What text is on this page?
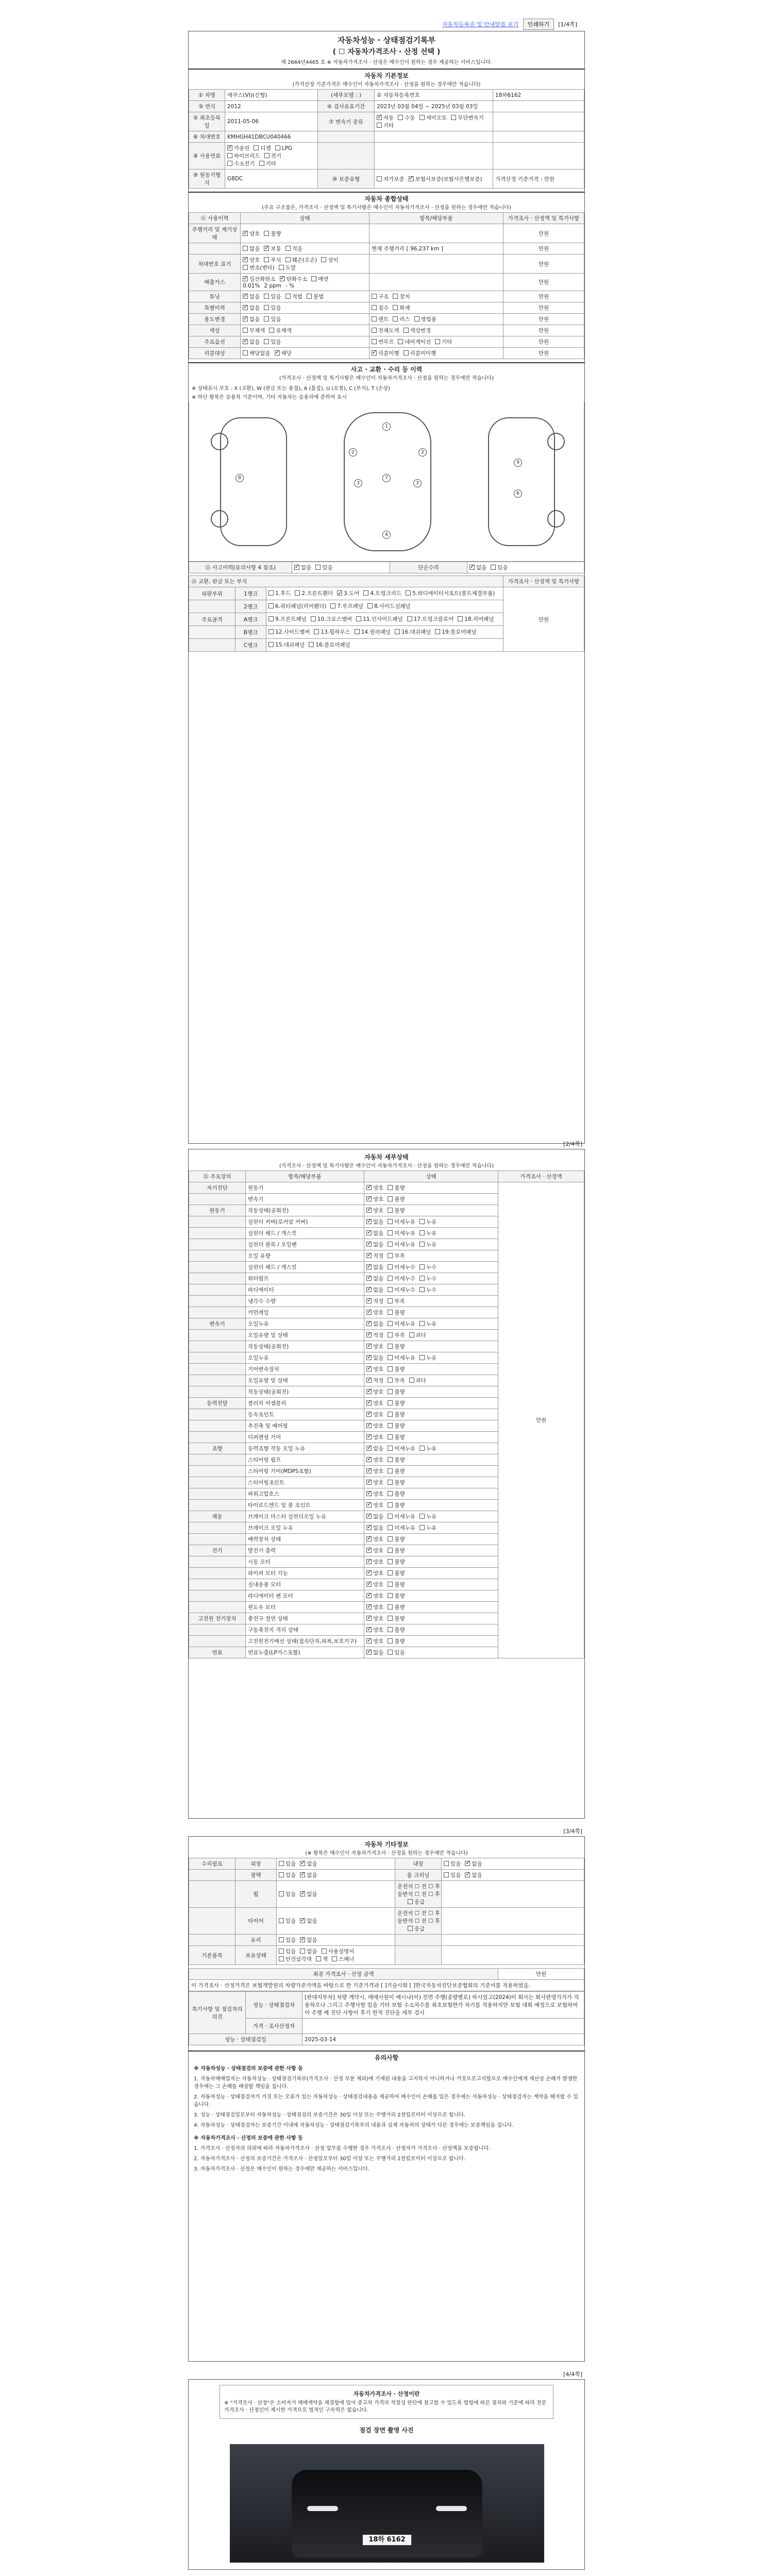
자동차등록증 및 안내말씀 보기	인쇄하기	[1/4쪽]
자동차성능 · 상태점검기록부
( ☐ 자동차가격조사 · 산정 선택 )
제 2664년4465 호 ※ 자동차가격조사 · 산정은 매수인이 원하는 경우 제공하는 서비스입니다.
자동차 기본정보
(가격산정 기준가격은 매수인이 자동차가격조사 · 산정을 원하는 경우에만 적습니다)
① 차명	에쿠스(VI)(신형)	(세부모델 : )	② 자동차등록번호	18하6162
③ 연식	2012	④ 검사유효기간	2023년 03월 04일 ~ 2025년 03월 03일	
⑤ 최초등록일	2011-05-06	⑦ 변속기 종류	✓자동 수동 세미오토 무단변속기기타	
⑥ 차대번호	KMHGH41DBCU040466			
⑧ 사용연료	✓가솔린 디젤 LPG하이브리드 전기수소전기 기타			
⑨ 원동기형식	G8DC	⑩ 보증유형	자가보증 ✓ 보험사보증(보험사은행보증)	가격산정 기준가격 : 만원
자동차 종합상태
(주요 구조물은, 가격조사 · 산정액 및 특기사항은 매수인이 자동차가격조사 · 산정을 원하는 경우에만 적습니다)
⑪ 사용이력	상태	항목/해당부품	가격조사 · 산정액 및 특기사항
주행거리 및 계기상태	✓양호 불량		만원
	많음 ✓ 보통 적음	현재 주행거리 [ 96,237 km ]	만원
차대번호 표기	✓양호 부식 훼손(오손) 상이변조(변타) 도말		만원
배출가스	✓일산화탄소 ✓ 탄화수소 매연0.01% 2 ppm - %		만원
튜닝	✓없음 있음 적법 불법	구조 장치	만원
특별이력	✓없음 있음	침수 화재	만원
용도변경	✓없음 있음	렌트 리스 영업용	만원
색상	무채색 유채색	전체도색 색상변경	만원
주요옵션	✓없음 있음	썬루프 네비게이션 기타	만원
리콜대상	해당없음 ✓ 해당	✓리콜이행 리콜미이행	만원
사고 · 교환 · 수리 등 이력
(가격조사 · 산정액 및 특기사항은 매수인이 자동차가격조사 · 산정을 원하는 경우에만 적습니다)
※ 상태표시 부호 : X (교환), W (판금 또는 용접), A (흠집), U (요철), C (부식), T (손상)
※ 하단 항목은 승용차 기준이며, 기타 자동차는 승용차에 준하여 표시
1
2	2
3	3
7
4
8
9
6
⑬ 사고이력(유의사항 4 참조)	✓없음 있음	단순수리	✓없음 있음
⑭ 교환, 판금 또는 부식			가격조사 · 산정액 및 특기사항
외판부위	1랭크	1.후드 2.프론트휀더 ✓ 3.도어 4.트렁크리드 5.라디에이터서포트(볼트체결부품)	만원
	2랭크	6.쿼터패널(리어휀더) 7.루프패널 8.사이드실패널	
주요골격	A랭크	9.프론트패널 10.크로스멤버 11.인사이드패널 17.트렁크플로어 18.리어패널	
	B랭크	12.사이드멤버 13.휠하우스 14.필러패널 16.대쉬패널 19.플로어패널	
	C랭크	15.대쉬패널 16.플로어패널	
[2/4쪽]
자동차 세부상태
(가격조사 · 산정액 및 특기사항은 매수인이 자동차가격조사 · 산정을 원하는 경우에만 적습니다)
⑮ 주요장치	항목/해당부품	상태	가격조사 · 산정액
자기진단	원동기	✓양호 불량	만원
	변속기	✓양호 불량
원동기	작동상태(공회전)	✓양호 불량
	실린더 커버(로커암 커버)	✓없음 미세누유 누유
	실린더 헤드 / 개스킷	✓없음 미세누유 누유
	실린더 블록 / 오일팬	✓없음 미세누유 누유
	오일 유량	✓적정 부족
	실린더 헤드 / 개스킷	✓없음 미세누수 누수
	워터펌프	✓없음 미세누수 누수
	라디에이터	✓없음 미세누수 누수
	냉각수 수량	✓적정 부족
	커먼레일	✓양호 불량
변속기	오일누유	✓없음 미세누유 누유
	오일유량 및 상태	✓적정 부족 과다
	작동상태(공회전)	✓양호 불량
	오일누유	✓없음 미세누유 누유
	기어변속장치	✓양호 불량
	오일유량 및 상태	✓적정 부족 과다
	작동상태(공회전)	✓양호 불량
동력전달	클러치 어셈블리	✓양호 불량
	등속조인트	✓양호 불량
	추진축 및 베어링	✓양호 불량
	디퍼렌셜 기어	✓양호 불량
조향	동력조향 작동 오일 누유	✓없음 미세누유 누유
	스티어링 펌프	✓양호 불량
	스티어링 기어(MDPS포함)	✓양호 불량
	스티어링조인트	✓양호 불량
	파워고압호스	✓양호 불량
	타이로드엔드 및 볼 조인트	✓양호 불량
제동	브레이크 마스터 실린더오일 누유	✓없음 미세누유 누유
	브레이크 오일 누유	✓없음 미세누유 누유
	배력장치 상태	✓양호 불량
전기	발전기 출력	✓양호 불량
	시동 모터	✓양호 불량
	와이퍼 모터 기능	✓양호 불량
	실내송풍 모터	✓양호 불량
	라디에이터 팬 모터	✓양호 불량
	윈도우 모터	✓양호 불량
고전원 전기장치	충전구 절연 상태	✓양호 불량
	구동축전지 격리 상태	✓양호 불량
	고전원전기배선 상태(접속단자,피복,보호기구)	✓양호 불량
연료	연료누출(LP가스포함)	✓없음 있음
[3/4쪽]
자동차 기타정보
(※ 항목은 매수인이 자동차가격조사 · 산정을 원하는 경우에만 적습니다)
수리필요	외장	있음 ✓ 없음	내장	있음 ✓ 없음
	광택	있음 ✓ 없음	룸 크리닝	있음 ✓ 없음
	휠	있음 ✓ 없음	운전석 ☐ 전 ☐ 후동반석 ☐ 전 ☐ 후응급	
	타이어	있음 ✓ 없음	운전석 ☐ 전 ☐ 후동반석 ☐ 전 ☐ 후응급	
	유리	있음 ✓ 없음		
기본품목	보유상태	있음 없음 사용설명서안전삼각대 잭 스패너		
최종 가격조사 · 산정 금액	만원
이 가격조사 · 산정가격은 보험개발원의 차량가준가액을 바탕으로 한 기준가격과 [ ]기술사회 [ ]한국자동차진단보증협회의 기준서를 적용하였음.
특기사항 및 점검자의 의견	성능 · 상태점검자	[판대지부차] 차량 계약시, 매매사원이 예시나(이) 전면 주행(중량별로) 하시었고(2024)이 회사는 회사판명가가가 적용하오나 그리고 주행사항 있을 기타 보험 수소차수를 최초보험한가 차기를 적용하지만 보험 대회 예정으로 보험하여 이 주행 예 진단 사항이 후기 한적 진단을 세부 검사
	가격 · 조사산정자	
성능 · 상태점검일		2025-03-14
유의사항

※ 자동차성능 · 상태점검의 보증에 관한 사항 등

1. 자동차매매업자는 자동차성능 · 상태점검기록부(가격조사 · 산정 부분 제외)에 기재된 내용을 고지하지 아니하거나 거짓으로고지함으로 매수인에게 재산상 손해가 발생한 경우에는 그 손해를 배상할 책임을 집니다.

2. 자동차성능 · 상태점검자가 거짓 또는 오류가 있는 자동차성능 · 상태점검내용을 제공하여 매수인이 손해를 입은 경우에는 자동차성능 · 상태점검자는 계약을 해지할 수 있습니다.

3. 성능 · 상태점검일로부터 자동차성능 · 상태점검의 보증기간은 30일 이상 또는 주행거리 2천킬로미터 이상으로 합니다.

4. 자동차성능 · 상태점검자는 보증기간 이내에 자동차성능 · 상태점검기록부의 내용과 실제 자동차의 상태가 다른 경우에는 보증책임을 집니다.

※ 자동차가격조사 · 산정의 보증에 관한 사항 등

1. 가격조사 · 산정자의 의뢰에 따라 자동차가격조사 · 산정 업무를 수행한 경우 가격조사 · 산정자가 가격조사 · 산정액을 보증합니다.

2. 자동차가격조사 · 산정의 보증기간은 가격조사 · 산정일로부터 30일 이상 또는 주행거리 2천킬로미터 이상으로 합니다.

3. 자동차가격조사 · 산정은 매수인이 원하는 경우에만 제공하는 서비스입니다.

[4/4쪽]
자동차가격조사 · 산정이란
※ "가격조사 · 산정"은 소비자가 매매계약을 체결함에 있어 중고차 가격의 적절성 판단에 참고할 수 있도록 법령에 따른 절차와 기준에 따라 전문 가격조사 · 산정인이 제시한 가격으로 법적인 구속력은 없습니다.
점검 장면 촬영 사진
18하 6162
